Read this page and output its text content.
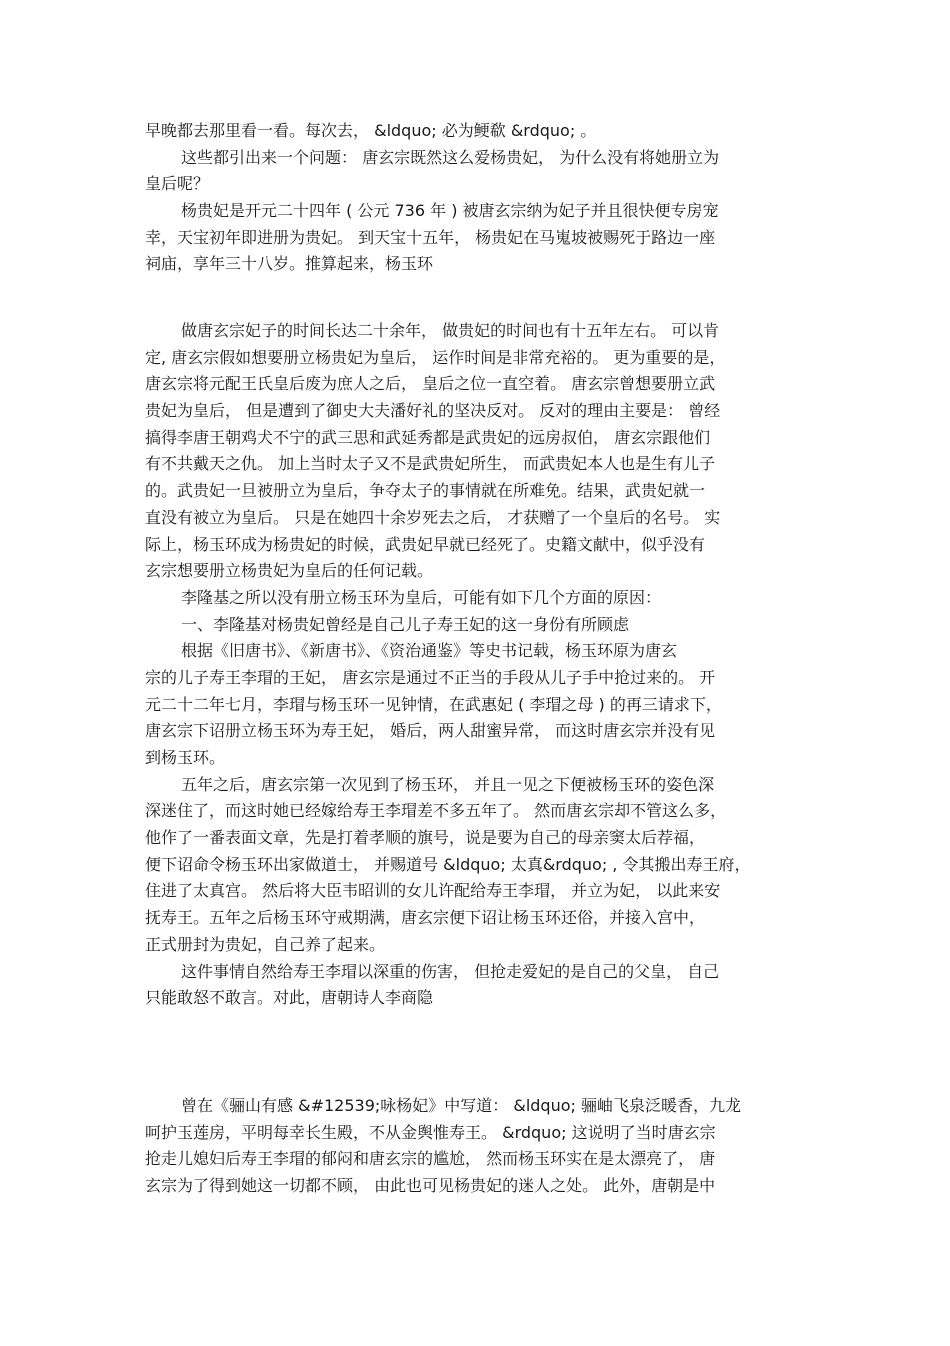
早晚都去那里看一看。每次去， &ldquo; 必为鲠欷 &rdquo; 。
这些都引出来一个问题： 唐玄宗既然这么爱杨贵妃， 为什么没有将她册立为
皇后呢？
杨贵妃是开元二十四年 ( 公元 736 年 ) 被唐玄宗纳为妃子并且很快便专房宠
幸，天宝初年即进册为贵妃。 到天宝十五年， 杨贵妃在马嵬坡被赐死于路边一座
祠庙，享年三十八岁。推算起来，杨玉环
做唐玄宗妃子的时间长达二十余年， 做贵妃的时间也有十五年左右。 可以肯
定, 唐玄宗假如想要册立杨贵妃为皇后， 运作时间是非常充裕的。 更为重要的是，
唐玄宗将元配王氏皇后废为庶人之后， 皇后之位一直空着。 唐玄宗曾想要册立武
贵妃为皇后， 但是遭到了御史大夫潘好礼的坚决反对。 反对的理由主要是： 曾经
搞得李唐王朝鸡犬不宁的武三思和武延秀都是武贵妃的远房叔伯， 唐玄宗跟他们
有不共戴天之仇。 加上当时太子又不是武贵妃所生， 而武贵妃本人也是生有儿子
的。武贵妃一旦被册立为皇后，争夺太子的事情就在所难免。结果，武贵妃就一
直没有被立为皇后。 只是在她四十余岁死去之后， 才获赠了一个皇后的名号。 实
际上，杨玉环成为杨贵妃的时候，武贵妃早就已经死了。史籍文献中，似乎没有
玄宗想要册立杨贵妃为皇后的任何记载。
李隆基之所以没有册立杨玉环为皇后，可能有如下几个方面的原因：
一、李隆基对杨贵妃曾经是自己儿子寿王妃的这一身份有所顾虑
根据《旧唐书》、《新唐书》、《资治通鉴》等史书记载，杨玉环原为唐玄
宗的儿子寿王李瑁的王妃， 唐玄宗是通过不正当的手段从儿子手中抢过来的。 开
元二十二年七月，李瑁与杨玉环一见钟情，在武惠妃 ( 李瑁之母 ) 的再三请求下，
唐玄宗下诏册立杨玉环为寿王妃， 婚后，两人甜蜜异常， 而这时唐玄宗并没有见
到杨玉环。
五年之后，唐玄宗第一次见到了杨玉环， 并且一见之下便被杨玉环的姿色深
深迷住了，而这时她已经嫁给寿王李瑁差不多五年了。 然而唐玄宗却不管这么多，
他作了一番表面文章，先是打着孝顺的旗号，说是要为自己的母亲窦太后荐福，
便下诏命令杨玉环出家做道士， 并赐道号 &ldquo; 太真&rdquo; , 令其搬出寿王府，
住进了太真宫。 然后将大臣韦昭训的女儿许配给寿王李瑁， 并立为妃， 以此来安
抚寿王。五年之后杨玉环守戒期满，唐玄宗便下诏让杨玉环还俗，并接入宫中，
正式册封为贵妃，自己养了起来。
这件事情自然给寿王李瑁以深重的伤害， 但抢走爱妃的是自己的父皇， 自己
只能敢怒不敢言。对此，唐朝诗人李商隐
曾在《骊山有感 &#12539;咏杨妃》中写道： &ldquo; 骊岫飞泉泛暖香，九龙
呵护玉莲房，平明每幸长生殿，不从金舆惟寿王。 &rdquo; 这说明了当时唐玄宗
抢走儿媳妇后寿王李瑁的郁闷和唐玄宗的尴尬， 然而杨玉环实在是太漂亮了， 唐
玄宗为了得到她这一切都不顾， 由此也可见杨贵妃的迷人之处。 此外，唐朝是中
